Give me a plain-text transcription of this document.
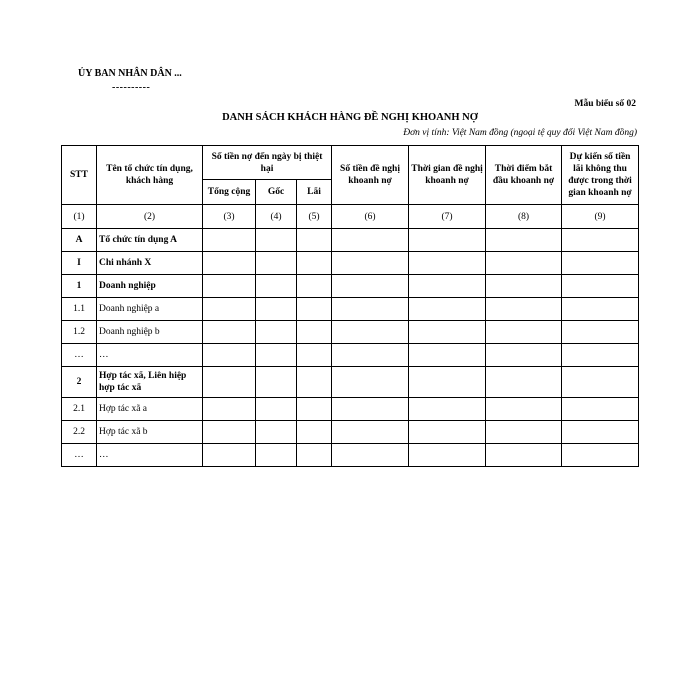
ỦY BAN NHÂN DÂN ...
----------
Mẫu biểu số 02
DANH SÁCH KHÁCH HÀNG ĐỀ NGHỊ KHOANH NỢ
Đơn vị tính: Việt Nam đồng (ngoại tệ quy đổi Việt Nam đồng)
STT	Tên tổ chức tín dụng, khách hàng	Số tiền nợ đến ngày bị thiệt hại			Số tiền đề nghị khoanh nợ	Thời gian đề nghị khoanh nợ	Thời điểm bắt đầu khoanh nợ	Dự kiến số tiền lãi không thu được trong thời gian khoanh nợ
		Tổng cộng	Gốc	Lãi				
(1)	(2)	(3)	(4)	(5)	(6)	(7)	(8)	(9)
A	Tổ chức tín dụng A							
I	Chi nhánh X							
1	Doanh nghiệp							
1.1	Doanh nghiệp a							
1.2	Doanh nghiệp b							
…	…							
2	Hợp tác xã, Liên hiệp hợp tác xã							
2.1	Hợp tác xã a							
2.2	Hợp tác xã b							
…	…							
